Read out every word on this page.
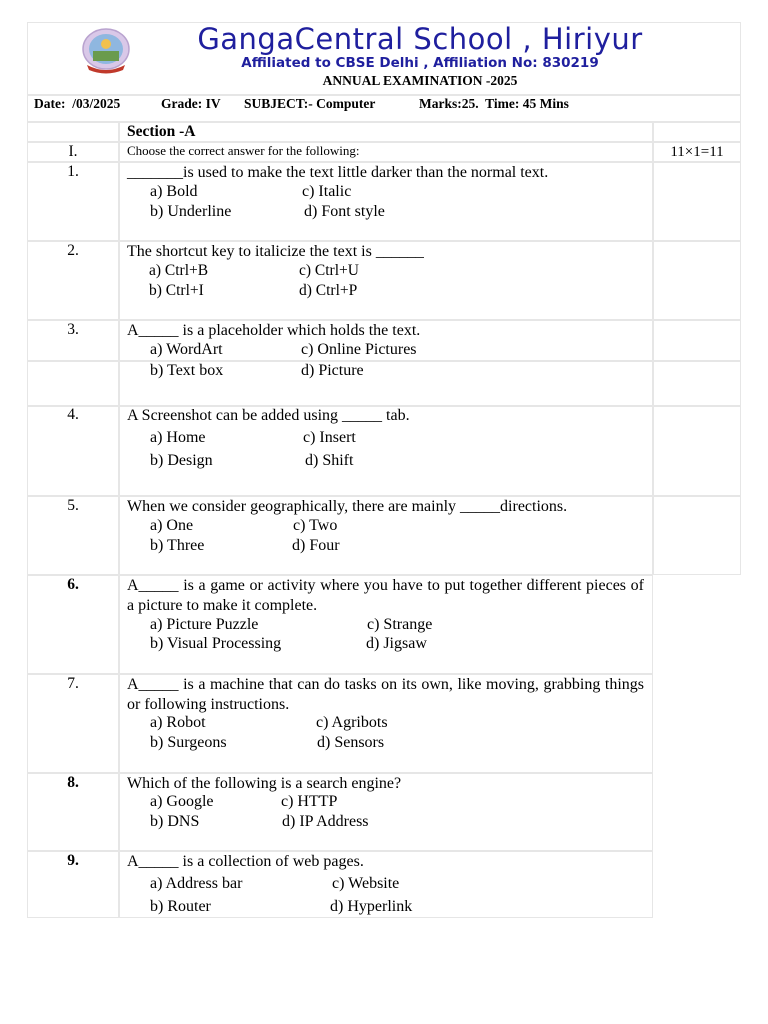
GangaCentral School , Hiriyur
Affiliated to CBSE Delhi , Affiliation No: 830219
ANNUAL EXAMINATION -2025
Date:  /03/2025	Grade: IV SUBJECT:- Computer	Marks:25.  Time: 45 Mins
Section -A
I.	Choose the correct answer for the following:	11×1=11
1.	_______is used to make the text little darker than the normal text.
a) Bold
b) Underline
c) Italic
d) Font style
2.	The shortcut key to italicize the text is ______
a) Ctrl+B
b) Ctrl+I
c) Ctrl+U
d) Ctrl+P
3.	A_____ is a placeholder which holds the text.
a) WordArt
b) Text box
c) Online Pictures
d) Picture
4.	A Screenshot can be added using _____ tab.
a) Home
b) Design
c) Insert
d) Shift
5.	When we consider geographically, there are mainly _____directions.
a) One
b) Three
c) Two
d) Four
6.	A_____ is a game or activity where you have to put together different pieces of a picture to make it complete.
a) Picture Puzzle
b) Visual Processing
c) Strange
d) Jigsaw
7.	A_____ is a machine that can do tasks on its own, like moving, grabbing things or following instructions.
a) Robot
b) Surgeons
c) Agribots
d) Sensors
8.	Which of the following is a search engine?
a) Google
b) DNS
c) HTTP
d) IP Address
9.	A_____ is a collection of web pages.
a) Address bar
b) Router
c) Website
d) Hyperlink
